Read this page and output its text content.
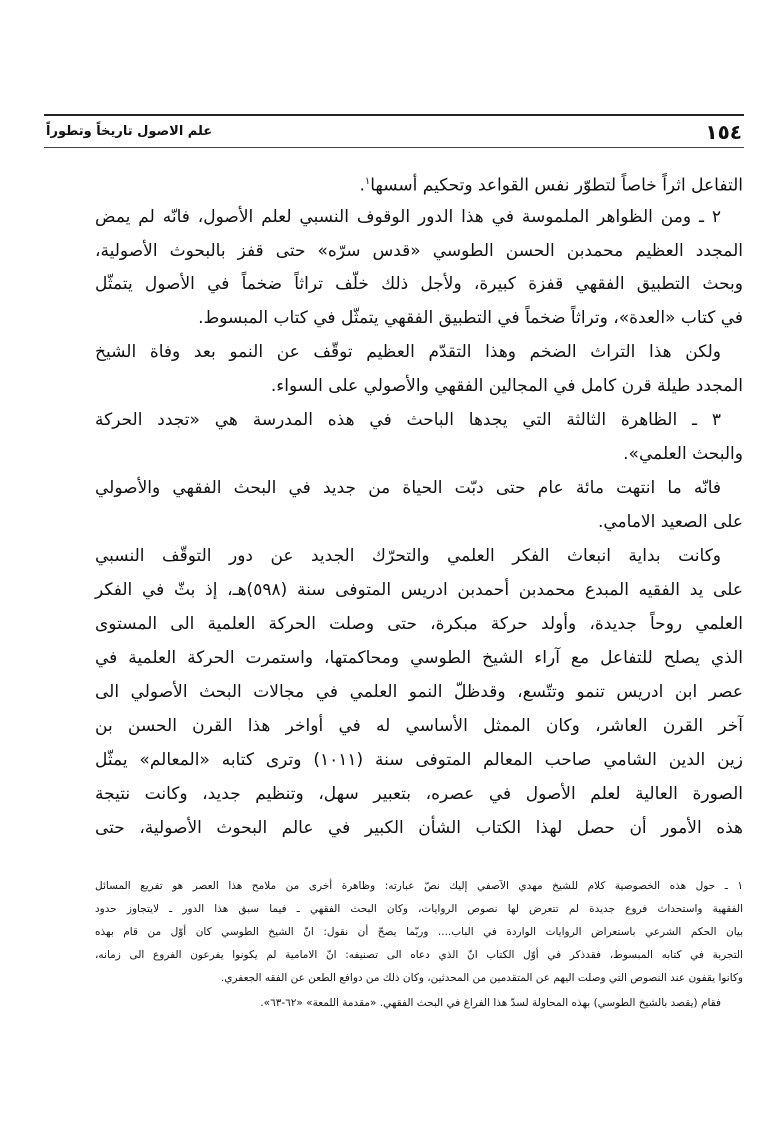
١٥٤
علم الاصول تاريخاً وتطوراً
التفاعل اثراً خاصاً لتطوّر نفس القواعد وتحكيم أسسها$^١$.
٢ ـ ومن الظواهر الملموسة في هذا الدور الوقوف النسبي لعلم الأصول، فانّه لم يمض
المجدد العظيم محمدبن الحسن الطوسي «قدس سرّه» حتى قفز بالبحوث الأصولية،
وبحث التطبيق الفقهي قفزة كبيرة، ولأجل ذلك خلّف تراثاً ضخماً في الأصول يتمثّل
في كتاب «العدة»، وتراثاً ضخماً في التطبيق الفقهي يتمثّل في كتاب المبسوط.
ولكن هذا التراث الضخم وهذا التقدّم العظيم توقّف عن النمو بعد وفاة الشيخ
المجدد طيلة قرن كامل في المجالين الفقهي والأصولي على السواء.
٣ ـ الظاهرة الثالثة التي يجدها الباحث في هذه المدرسة هي «تجدد الحركة
والبحث العلمي».
فانّه ما انتهت مائة عام حتى دبّت الحياة من جديد في البحث الفقهي والأصولي
على الصعيد الامامي.
وكانت بداية انبعاث الفكر العلمي والتحرّك الجديد عن دور التوقّف النسبي
على يد الفقيه المبدع محمدبن أحمدبن ادريس المتوفى سنة (٥٩٨)هـ، إذ بثّ في الفكر
العلمي روحاً جديدة، وأولد حركة مبكرة، حتى وصلت الحركة العلمية الى المستوى
الذي يصلح للتفاعل مع آراء الشيخ الطوسي ومحاكمتها، واستمرت الحركة العلمية في
عصر ابن ادريس تنمو وتتّسع، وقدظلّ النمو العلمي في مجالات البحث الأصولي الى
آخر القرن العاشر، وكان الممثل الأساسي له في أواخر هذا القرن الحسن بن
زين الدين الشامي صاحب المعالم المتوفى سنة (١٠١١) وترى كتابه «المعالم» يمثّل
الصورة العالية لعلم الأصول في عصره، بتعبير سهل، وتنظيم جديد، وكانت نتيجة
هذه الأمور أن حصل لهذا الكتاب الشأن الكبير في عالم البحوث الأصولية، حتى
١ ـ حول هذه الخصوصية كلام للشيخ مهدي الآصفي إليك نصّ عبارته: وظاهرة أخرى من ملامح هذا العصر هو تفريع المسائل
الفقهية واستحداث فروع جديدة لم تتعرض لها نصوص الروايات، وكان البحث الفقهي ـ فيما سبق هذا الدور ـ لايتجاوز حدود
بيان الحكم الشرعي باستعراض الروايات الواردة في الباب.... وربّما يصحّ أن نقول: انّ الشيخ الطوسي كان أوّل من قام بهذه
التجربة في كتابه المبسوط، فقدذكر في أوّل الكتاب انّ الذي دعاه الى تصنيفه: انّ الامامية لم يكونوا يفرعون الفروع الى زمانه،
وكانوا يقفون عند النصوص التي وصلت اليهم عن المتقدمين من المحدثين، وكان ذلك من دوافع الطعن عن الفقه الجعفري.
فقام (يقصد بالشيخ الطوسي) بهذه المحاولة لسدّ هذا الفراغ في البحث الفقهي. «مقدمة اللمعة» «٦٢-٦٣».
